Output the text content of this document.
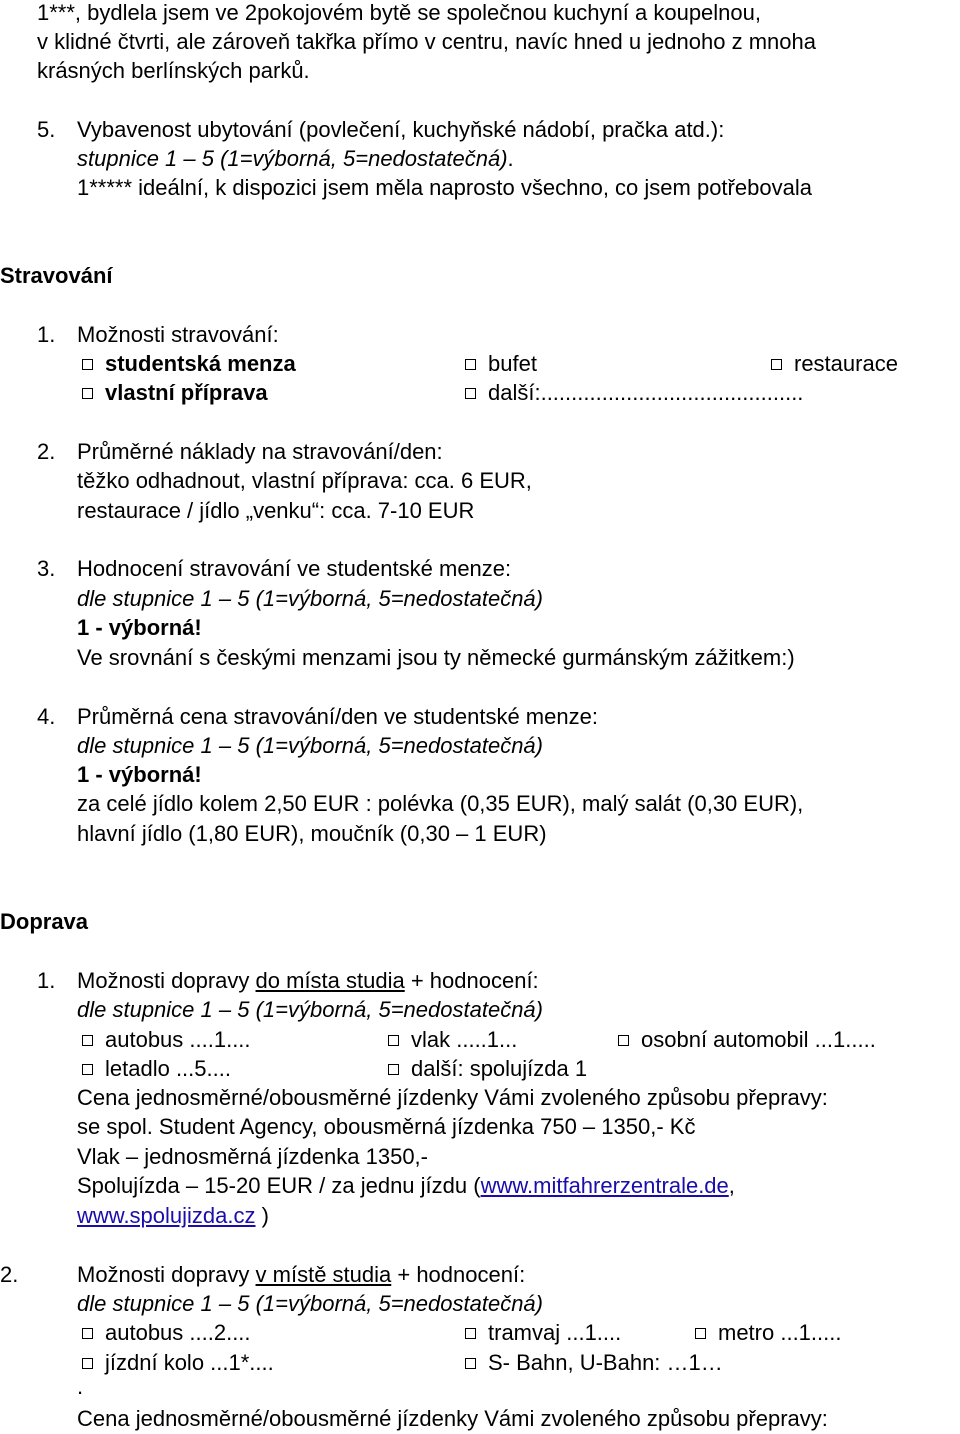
1***, bydlela jsem ve 2pokojovém bytě se společnou kuchyní a koupelnou,
v klidné čtvrti, ale zároveň takřka přímo v centru, navíc hned u jednoho z mnoha
krásných berlínských parků.
5. Vybavenost ubytování (povlečení, kuchyňské nádobí, pračka atd.):
stupnice 1 – 5 (1=výborná, 5=nedostatečná).
1***** ideální, k dispozici jsem měla naprosto všechno, co jsem potřebovala
Stravování
1. Možnosti stravování:
studentská menza	bufet	restaurace
vlastní příprava	další:...........................................
2. Průměrné náklady na stravování/den:
těžko odhadnout, vlastní příprava: cca. 6 EUR,
restaurace / jídlo „venku“: cca. 7-10 EUR
3. Hodnocení stravování ve studentské menze:
dle stupnice 1 – 5 (1=výborná, 5=nedostatečná)
1 - výborná!
Ve srovnání s českými menzami jsou ty německé gurmánským zážitkem:)
4. Průměrná cena stravování/den ve studentské menze:
dle stupnice 1 – 5 (1=výborná, 5=nedostatečná)
1 - výborná!
za celé jídlo kolem 2,50 EUR : polévka (0,35 EUR), malý salát (0,30 EUR),
hlavní jídlo (1,80 EUR), moučník (0,30 – 1 EUR)
Doprava
1. Možnosti dopravy do místa studia + hodnocení:
dle stupnice 1 – 5 (1=výborná, 5=nedostatečná)
autobus ....1....	vlak .....1...	osobní automobil ...1.....
letadlo ...5....	další: spolujízda 1
Cena jednosměrné/obousměrné jízdenky Vámi zvoleného způsobu přepravy:
se spol. Student Agency, obousměrná jízdenka 750 – 1350,- Kč
Vlak – jednosměrná jízdenka 1350,-
Spolujízda – 15-20 EUR / za jednu jízdu (www.mitfahrerzentrale.de,
www.spolujizda.cz )
2.	Možnosti dopravy v místě studia + hodnocení:
dle stupnice 1 – 5 (1=výborná, 5=nedostatečná)
autobus ....2....	tramvaj ...1....	metro ...1.....
jízdní kolo ...1*....	S- Bahn, U-Bahn: …1…
.
Cena jednosměrné/obousměrné jízdenky Vámi zvoleného způsobu přepravy:
